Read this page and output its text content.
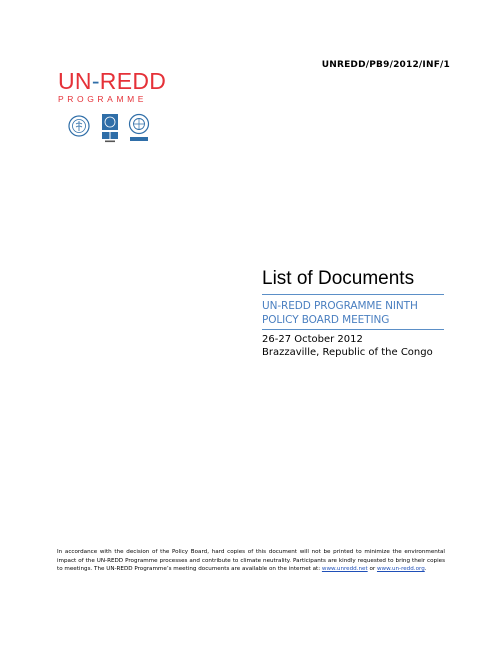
UNREDD/PB9/2012/INF/1
UN-REDD
PROGRAMME
List of Documents
UN-REDD PROGRAMME NINTH
POLICY BOARD MEETING
26-27 October 2012
Brazzaville, Republic of the Congo
In accordance with the decision of the Policy Board, hard copies of this document will not be printed to minimize the environmental impact of the UN-REDD Programme processes and contribute to climate neutrality. Participants are kindly requested to bring their copies to meetings. The UN-REDD Programme’s meeting documents are available on the internet at: www.unredd.net or www.un-redd.org.
